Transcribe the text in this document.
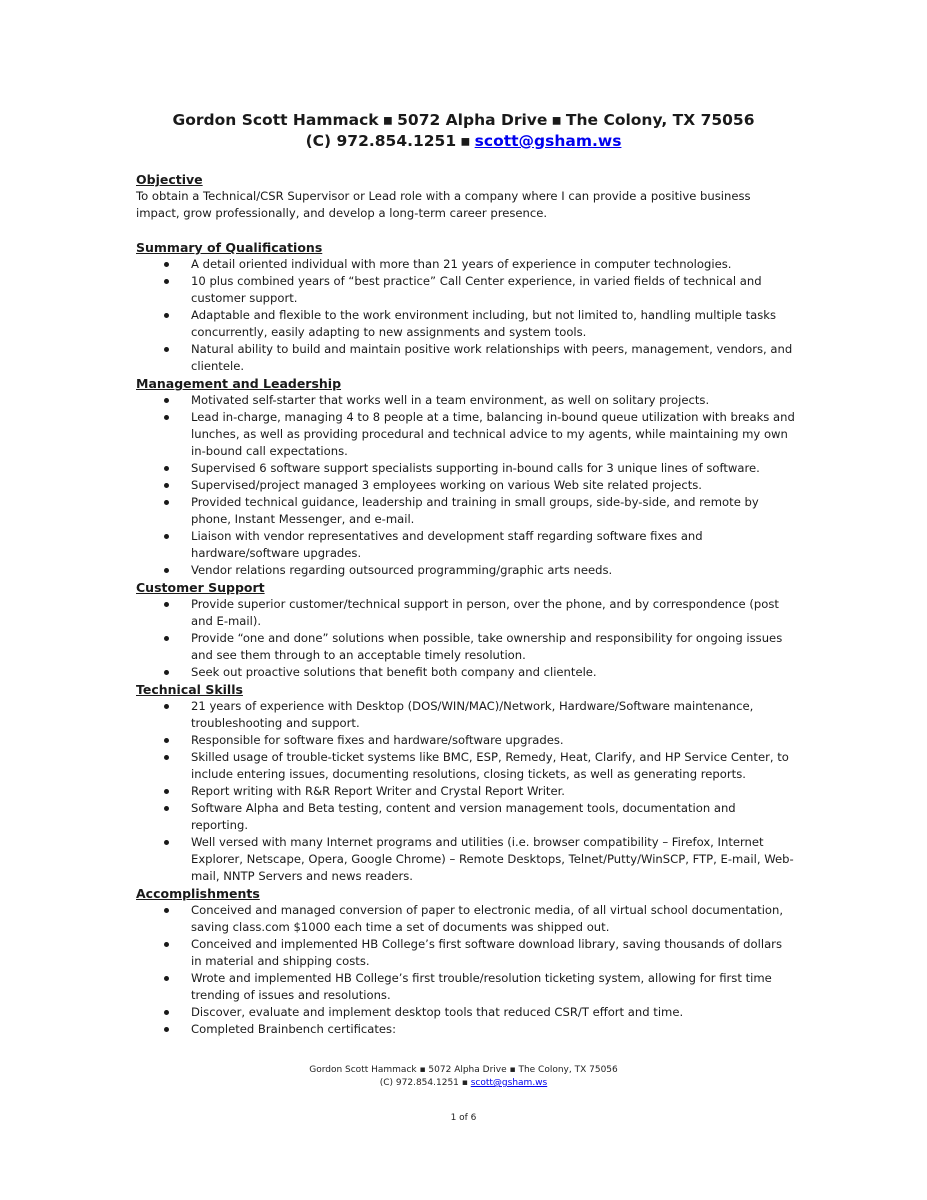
Gordon Scott Hammack ▪ 5072 Alpha Drive ▪ The Colony, TX 75056
(C) 972.854.1251 ▪ scott@gsham.ws
Objective
To obtain a Technical/CSR Supervisor or Lead role with a company where I can provide a positive business impact, grow professionally, and develop a long-term career presence.
Summary of Qualifications
A detail oriented individual with more than 21 years of experience in computer technologies.
10 plus combined years of “best practice” Call Center experience, in varied fields of technical and customer support.
Adaptable and flexible to the work environment including, but not limited to, handling multiple tasks concurrently, easily adapting to new assignments and system tools.
Natural ability to build and maintain positive work relationships with peers, management, vendors, and clientele.
Management and Leadership
Motivated self-starter that works well in a team environment, as well on solitary projects.
Lead in-charge, managing 4 to 8 people at a time, balancing in-bound queue utilization with breaks and lunches, as well as providing procedural and technical advice to my agents, while maintaining my own in-bound call expectations.
Supervised 6 software support specialists supporting in-bound calls for 3 unique lines of software.
Supervised/project managed 3 employees working on various Web site related projects.
Provided technical guidance, leadership and training in small groups, side-by-side, and remote by phone, Instant Messenger, and e-mail.
Liaison with vendor representatives and development staff regarding software fixes and hardware/software upgrades.
Vendor relations regarding outsourced programming/graphic arts needs.
Customer Support
Provide superior customer/technical support in person, over the phone, and by correspondence (post and E-mail).
Provide “one and done” solutions when possible, take ownership and responsibility for ongoing issues and see them through to an acceptable timely resolution.
Seek out proactive solutions that benefit both company and clientele.
Technical Skills
21 years of experience with Desktop (DOS/WIN/MAC)/Network, Hardware/Software maintenance, troubleshooting and support.
Responsible for software fixes and hardware/software upgrades.
Skilled usage of trouble-ticket systems like BMC, ESP, Remedy, Heat, Clarify, and HP Service Center, to include entering issues, documenting resolutions, closing tickets, as well as generating reports.
Report writing with R&R Report Writer and Crystal Report Writer.
Software Alpha and Beta testing, content and version management tools, documentation and reporting.
Well versed with many Internet programs and utilities (i.e. browser compatibility – Firefox, Internet Explorer, Netscape, Opera, Google Chrome) – Remote Desktops, Telnet/Putty/WinSCP, FTP, E-mail, Web-mail, NNTP Servers and news readers.
Accomplishments
Conceived and managed conversion of paper to electronic media, of all virtual school documentation, saving class.com $1000 each time a set of documents was shipped out.
Conceived and implemented HB College’s first software download library, saving thousands of dollars in material and shipping costs.
Wrote and implemented HB College’s first trouble/resolution ticketing system, allowing for first time trending of issues and resolutions.
Discover, evaluate and implement desktop tools that reduced CSR/T effort and time.
Completed Brainbench certificates:
Gordon Scott Hammack ▪ 5072 Alpha Drive ▪ The Colony, TX 75056
(C) 972.854.1251 ▪ scott@gsham.ws
1 of 6
